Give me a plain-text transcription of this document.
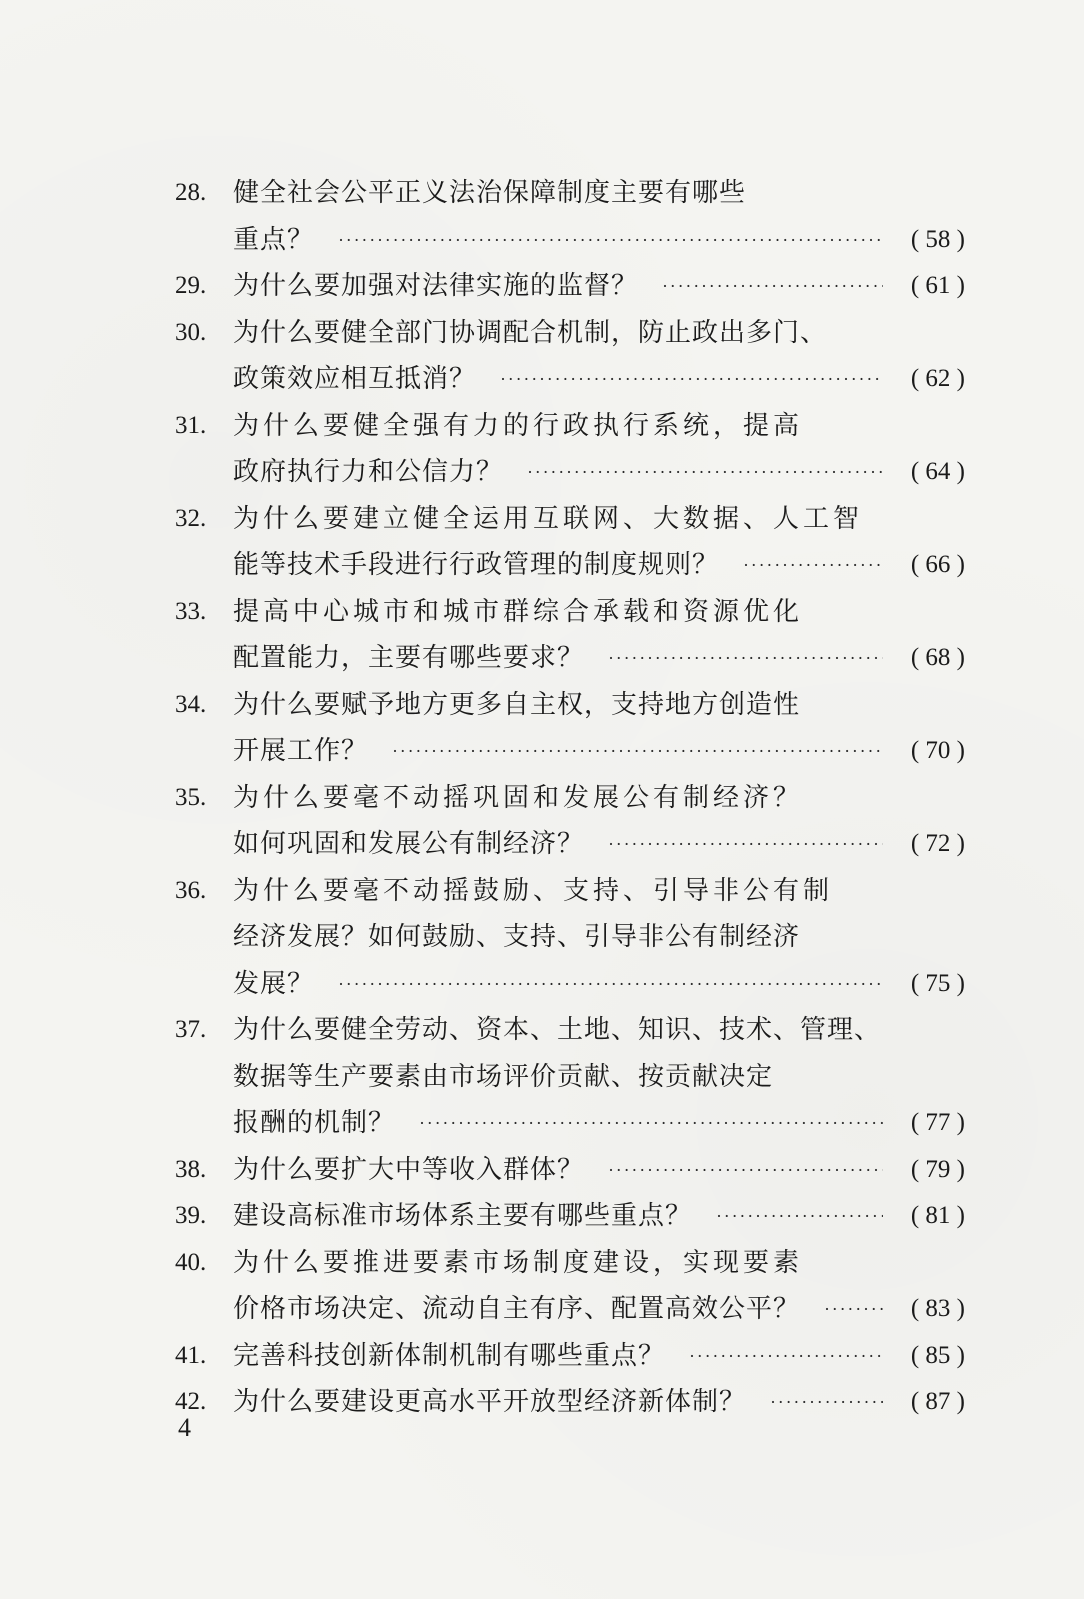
28.	健全社会公平正义法治保障制度主要有哪些
重点？ ·····	( 58 )
29.	为什么要加强对法律实施的监督？ ·····	( 61 )
30.	为什么要健全部门协调配合机制，防止政出多门、
政策效应相互抵消？ ·····	( 62 )
31.	为什么要健全强有力的行政执行系统，提高
政府执行力和公信力？ ·····	( 64 )
32.	为什么要建立健全运用互联网、大数据、人工智
能等技术手段进行行政管理的制度规则？ ·····	( 66 )
33.	提高中心城市和城市群综合承载和资源优化
配置能力，主要有哪些要求？ ·····	( 68 )
34.	为什么要赋予地方更多自主权，支持地方创造性
开展工作？ ·····	( 70 )
35.	为什么要毫不动摇巩固和发展公有制经济？
如何巩固和发展公有制经济？ ·····	( 72 )
36.	为什么要毫不动摇鼓励、支持、引导非公有制
经济发展？如何鼓励、支持、引导非公有制经济
发展？ ·····	( 75 )
37.	为什么要健全劳动、资本、土地、知识、技术、管理、
数据等生产要素由市场评价贡献、按贡献决定
报酬的机制？ ·····	( 77 )
38.	为什么要扩大中等收入群体？ ·····	( 79 )
39.	建设高标准市场体系主要有哪些重点？ ·····	( 81 )
40.	为什么要推进要素市场制度建设，实现要素
价格市场决定、流动自主有序、配置高效公平？ ·····	( 83 )
41.	完善科技创新体制机制有哪些重点？ ·····	( 85 )
42.	为什么要建设更高水平开放型经济新体制？ ·····	( 87 )
4
